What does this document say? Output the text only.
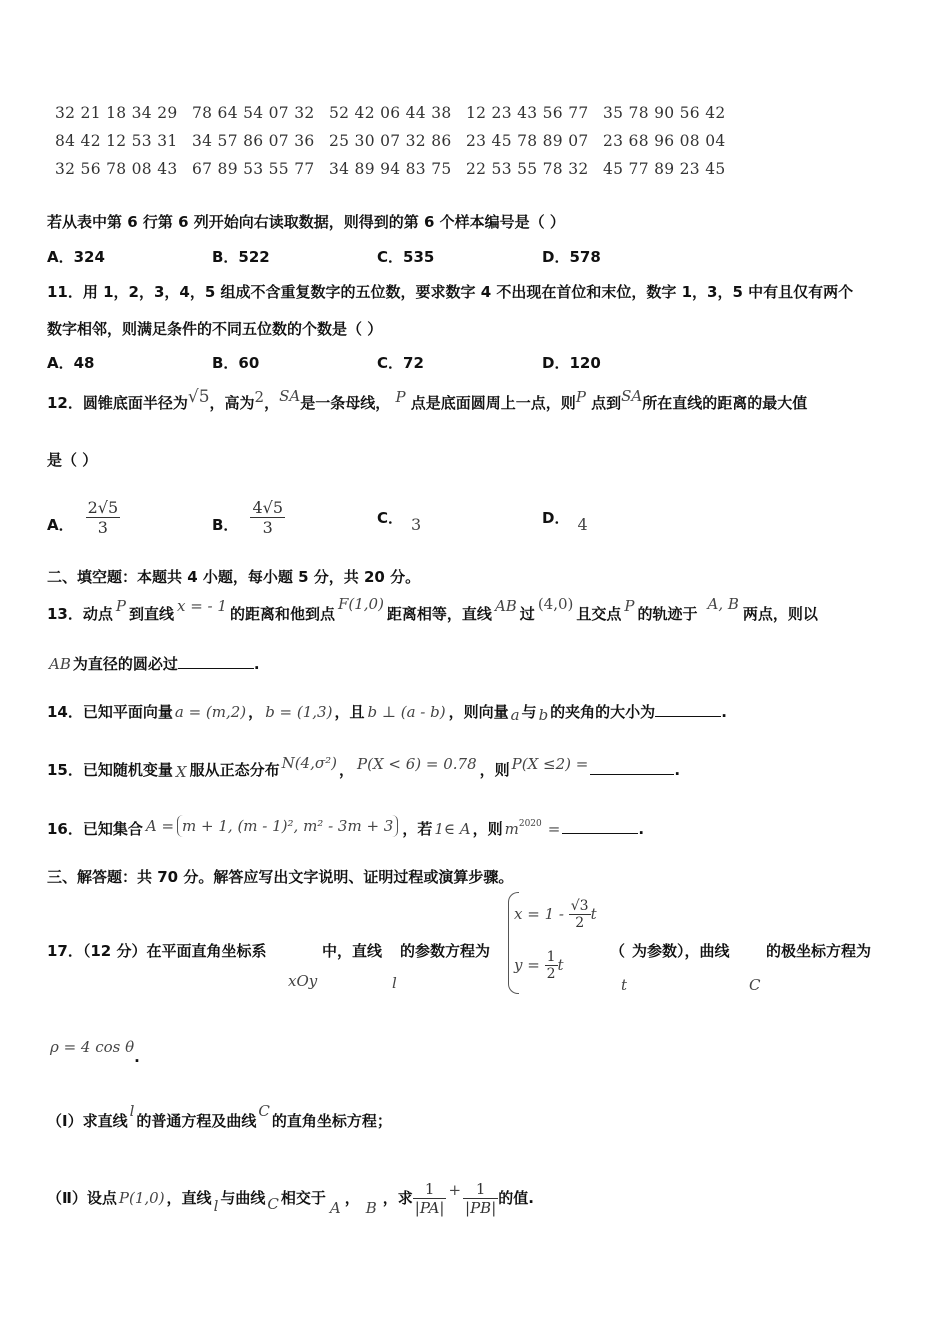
32 21 18 34 29 78 64 54 07 32 52 42 06 44 38 12 23 43 56 77 35 78 90 56 42
84 42 12 53 31 34 57 86 07 36 25 30 07 32 86 23 45 78 89 07 23 68 96 08 04
32 56 78 08 43 67 89 53 55 77 34 89 94 83 75 22 53 55 78 32 45 77 89 23 45
若从表中第 6 行第 6 列开始向右读取数据，则得到的第 6 个样本编号是（ ）
A．324	B．522	C．535	D．578
11．用 1，2，3，4，5 组成不含重复数字的五位数，要求数字 4 不出现在首位和末位，数字 1，3，5 中有且仅有两个
数字相邻，则满足条件的不同五位数的个数是（ ）
A．48	B．60	C．72	D．120
12．圆锥底面半径为√5，高为2，SA是一条母线， P 点是底面圆周上一点，则P 点到SA所在直线的距离的最大值
是（ ）
A． $\frac{2√5}{3}$	B． $\frac{4√5}{3}$	C． 3	D． 4
二、填空题：本题共 4 小题，每小题 5 分，共 20 分。
13．动点 P 到直线 x = - 1 的距离和他到点F(1,0)距离相等，直线 AB 过(4,0)且交点 P 的轨迹于A, B两点，则以
AB 为直径的圆必过	.
14．已知平面向量 a = (m,2) ， b = (1,3) ，且 b ⊥ (a - b) ，则向量 a 与 b 的夹角的大小为	.
15．已知随机变量 X 服从正态分布 N(4,σ²) ， P(X < 6) = 0.78 ，则 P(X ≤2) =	.
16．已知集合 A = m + 1, (m - 1)², m² - 3m + 3 ，若 1∈ A ，则 $m^{2020}$ =	.
三、解答题：共 70 分。解答应写出文字说明、证明过程或演算步骤。
17．（12 分）在平面直角坐标系	中，直线 的参数方程为
xOy	l
$x = 1 - \frac{√3}{2}$ t
$y = \frac{1}{2}$ t
（ 为参数），曲线 的极坐标方程为
t	C
ρ = 4 cos θ.
（Ⅰ）求直线l的普通方程及曲线C的直角坐标方程；
（Ⅱ）设点 P(1,0) ，直线 l 与曲线 C 相交于A，B，求 $\frac{1}{|PA|} + \frac{1}{|PB|}$ 的值.
